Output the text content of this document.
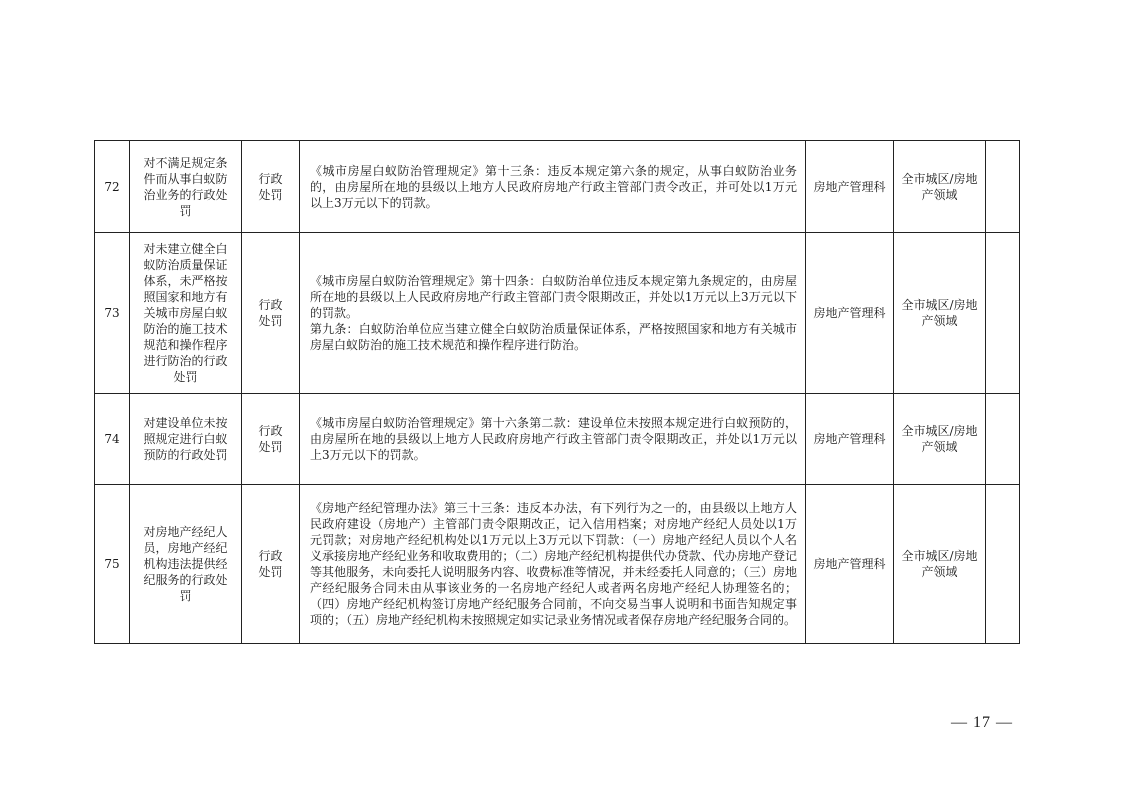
72	对不满足规定条件而从事白蚁防治业务的行政处罚	行政处罚	《城市房屋白蚁防治管理规定》第十三条：违反本规定第六条的规定，从事白蚁防治业务的，由房屋所在地的县级以上地方人民政府房地产行政主管部门责令改正，并可处以1万元以上3万元以下的罚款。	房地产管理科	全市城区/房地产领域	

73	对未建立健全白蚁防治质量保证体系，未严格按照国家和地方有关城市房屋白蚁防治的施工技术规范和操作程序进行防治的行政处罚	行政处罚	《城市房屋白蚁防治管理规定》第十四条：白蚁防治单位违反本规定第九条规定的，由房屋所在地的县级以上人民政府房地产行政主管部门责令限期改正，并处以1万元以上3万元以下的罚款。
第九条：白蚁防治单位应当建立健全白蚁防治质量保证体系，严格按照国家和地方有关城市房屋白蚁防治的施工技术规范和操作程序进行防治。	房地产管理科	全市城区/房地产领域	

74	对建设单位未按照规定进行白蚁预防的行政处罚	行政处罚	《城市房屋白蚁防治管理规定》第十六条第二款：建设单位未按照本规定进行白蚁预防的，由房屋所在地的县级以上地方人民政府房地产行政主管部门责令限期改正，并处以1万元以上3万元以下的罚款。	房地产管理科	全市城区/房地产领域	

75	对房地产经纪人员，房地产经纪机构违法提供经纪服务的行政处罚	行政处罚	《房地产经纪管理办法》第三十三条：违反本办法，有下列行为之一的，由县级以上地方人民政府建设（房地产）主管部门责令限期改正，记入信用档案；对房地产经纪人员处以1万元罚款；对房地产经纪机构处以1万元以上3万元以下罚款：（一）房地产经纪人员以个人名义承接房地产经纪业务和收取费用的；（二）房地产经纪机构提供代办贷款、代办房地产登记等其他服务，未向委托人说明服务内容、收费标准等情况，并未经委托人同意的；（三）房地产经纪服务合同未由从事该业务的一名房地产经纪人或者两名房地产经纪人协理签名的；（四）房地产经纪机构签订房地产经纪服务合同前，不向交易当事人说明和书面告知规定事项的；（五）房地产经纪机构未按照规定如实记录业务情况或者保存房地产经纪服务合同的。	房地产管理科	全市城区/房地产领域	

— 17 —
